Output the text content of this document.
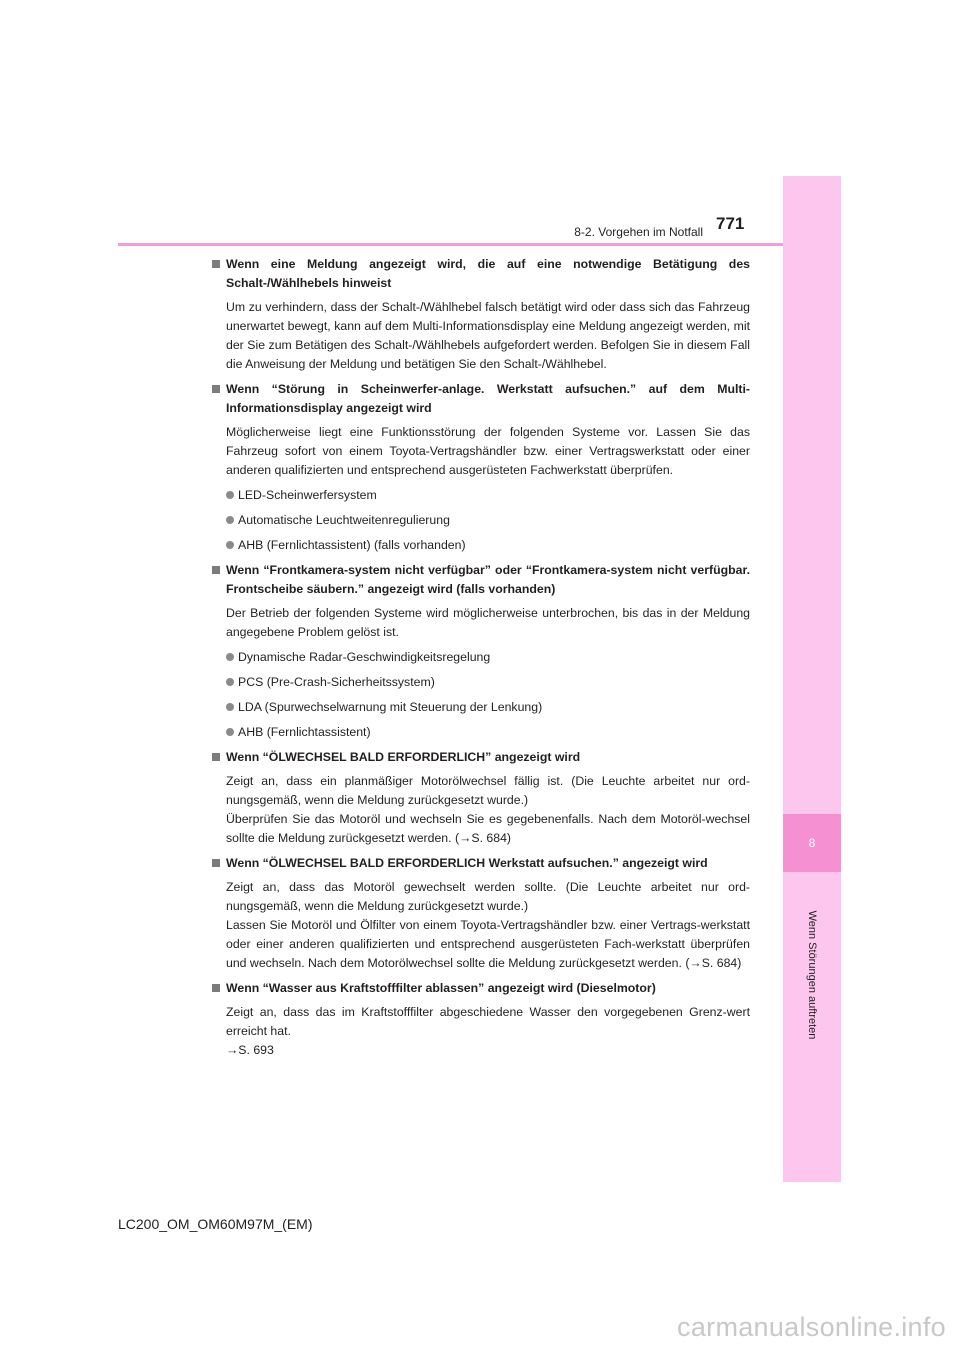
8
Wenn Störungen auftreten
771
8-2. Vorgehen im Notfall
Wenn eine Meldung angezeigt wird, die auf eine notwendige Betätigung des Schalt-/Wählhebels hinweist

Um zu verhindern, dass der Schalt-/Wählhebel falsch betätigt wird oder dass sich das Fahrzeug unerwartet bewegt, kann auf dem Multi-Informationsdisplay eine Meldung angezeigt werden, mit der Sie zum Betätigen des Schalt-/Wählhebels aufgefordert werden. Befolgen Sie in diesem Fall die Anweisung der Meldung und betätigen Sie den Schalt-/Wählhebel.

Wenn “Störung in Scheinwerfer-anlage. Werkstatt aufsuchen.” auf dem Multi-Informationsdisplay angezeigt wird

Möglicherweise liegt eine Funktionsstörung der folgenden Systeme vor. Lassen Sie das Fahrzeug sofort von einem Toyota-Vertragshändler bzw. einer Vertragswerkstatt oder einer anderen qualifizierten und entsprechend ausgerüsteten Fachwerkstatt überprüfen.

LED-Scheinwerfersystem

Automatische Leuchtweitenregulierung

AHB (Fernlichtassistent) (falls vorhanden)

Wenn “Frontkamera-system nicht verfügbar” oder “Frontkamera-system nicht verfügbar. Frontscheibe säubern.” angezeigt wird (falls vorhanden)

Der Betrieb der folgenden Systeme wird möglicherweise unterbrochen, bis das in der Meldung angegebene Problem gelöst ist.

Dynamische Radar-Geschwindigkeitsregelung

PCS (Pre-Crash-Sicherheitssystem)

LDA (Spurwechselwarnung mit Steuerung der Lenkung)

AHB (Fernlichtassistent)

Wenn “ÖLWECHSEL BALD ERFORDERLICH” angezeigt wird

Zeigt an, dass ein planmäßiger Motorölwechsel fällig ist. (Die Leuchte arbeitet nur ord-nungsgemäß, wenn die Meldung zurückgesetzt wurde.)

Überprüfen Sie das Motoröl und wechseln Sie es gegebenenfalls. Nach dem Motoröl-wechsel sollte die Meldung zurückgesetzt werden. (→S. 684)

Wenn “ÖLWECHSEL BALD ERFORDERLICH Werkstatt aufsuchen.” angezeigt wird

Zeigt an, dass das Motoröl gewechselt werden sollte. (Die Leuchte arbeitet nur ord-nungsgemäß, wenn die Meldung zurückgesetzt wurde.)

Lassen Sie Motoröl und Ölfilter von einem Toyota-Vertragshändler bzw. einer Vertrags-werkstatt oder einer anderen qualifizierten und entsprechend ausgerüsteten Fach-werkstatt überprüfen und wechseln. Nach dem Motorölwechsel sollte die Meldung zurückgesetzt werden. (→S. 684)

Wenn “Wasser aus Kraftstofffilter ablassen” angezeigt wird (Dieselmotor)

Zeigt an, dass das im Kraftstofffilter abgeschiedene Wasser den vorgegebenen Grenz-wert erreicht hat.

→S. 693

LC200_OM_OM60M97M_(EM)
carmanualsonline.info
